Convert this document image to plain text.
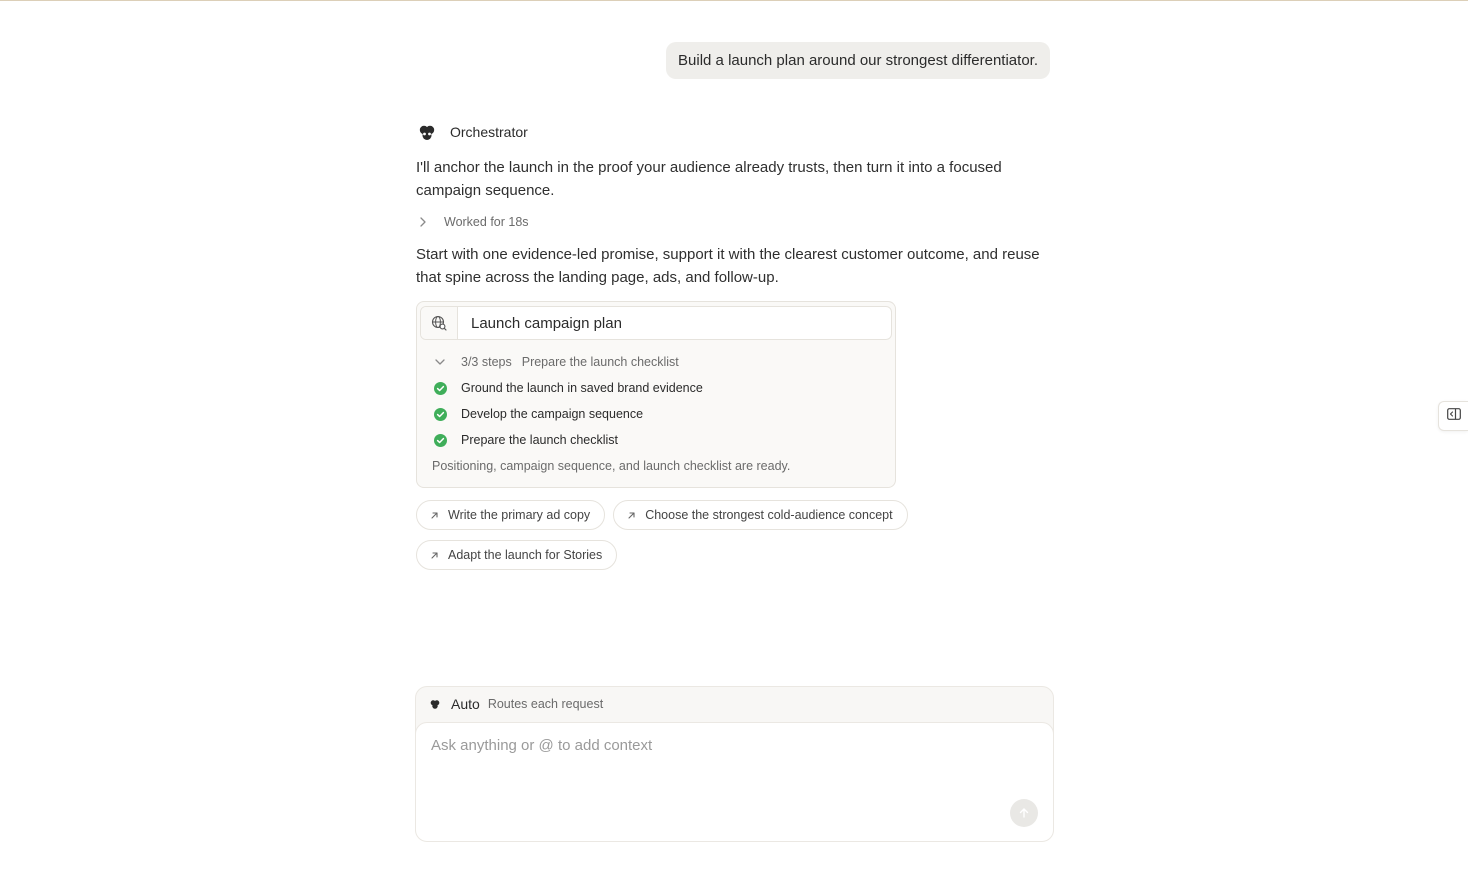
Build a launch plan around our strongest differentiator.
Orchestrator
I'll anchor the launch in the proof your audience already trusts, then turn it into a focused campaign sequence.
Worked for 18s
Start with one evidence-led promise, support it with the clearest customer outcome, and reuse that spine across the landing page, ads, and follow-up.
Launch campaign plan
3/3 steps Prepare the launch checklist
Ground the launch in saved brand evidence
Develop the campaign sequence
Prepare the launch checklist
Positioning, campaign sequence, and launch checklist are ready.
Write the primary ad copy	Choose the strongest cold-audience concept
Adapt the launch for Stories
Auto Routes each request
Ask anything or @ to add context
